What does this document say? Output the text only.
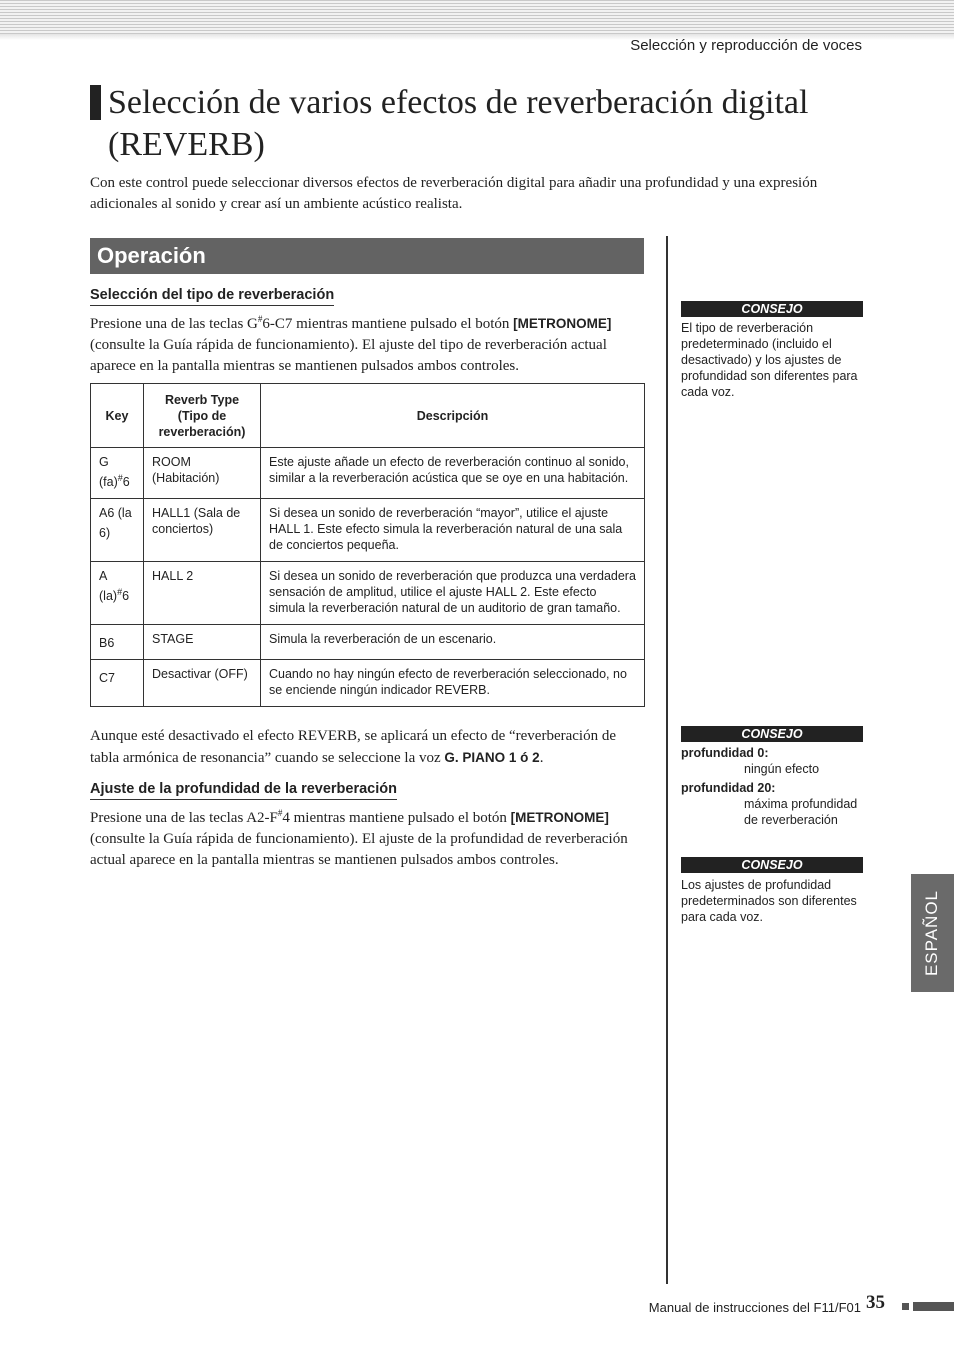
Selección y reproducción de voces
Selección de varios efectos de reverberación digital (REVERB)

Con este control puede seleccionar diversos efectos de reverberación digital para añadir una profundidad y una expresión adicionales al sonido y crear así un ambiente acústico realista.

Operación
Selección del tipo de reverberación

Presione una de las teclas G#6-C7 mientras mantiene pulsado el botón [METRONOME] (consulte la Guía rápida de funcionamiento). El ajuste del tipo de reverberación actual aparece en la pantalla mientras se mantienen pulsados ambos controles.

Key	Reverb Type (Tipo de reverberación)	Descripción
G (fa)#6	ROOM (Habitación)	Este ajuste añade un efecto de reverberación continuo al sonido, similar a la reverberación acústica que se oye en una habitación.
A6 (la 6)	HALL1 (Sala de conciertos)	Si desea un sonido de reverberación “mayor”, utilice el ajuste HALL 1. Este efecto simula la reverberación natural de una sala de conciertos pequeña.
A (la)#6	HALL 2	Si desea un sonido de reverberación que produzca una verdadera sensación de amplitud, utilice el ajuste HALL 2. Este efecto simula la reverberación natural de un auditorio de gran tamaño.
B6	STAGE	Simula la reverberación de un escenario.
C7	Desactivar (OFF)	Cuando no hay ningún efecto de reverberación seleccionado, no se enciende ningún indicador REVERB.

Aunque esté desactivado el efecto REVERB, se aplicará un efecto de “reverberación de tabla armónica de resonancia” cuando se seleccione la voz G. PIANO 1 ó 2.

Ajuste de la profundidad de la reverberación

Presione una de las teclas A2-F#4 mientras mantiene pulsado el botón [METRONOME] (consulte la Guía rápida de funcionamiento). El ajuste de la profundidad de reverberación actual aparece en la pantalla mientras se mantienen pulsados ambos controles.

CONSEJO

El tipo de reverberación predeterminado (incluido el desactivado) y los ajustes de profundidad son diferentes para cada voz.

CONSEJO
profundidad 0:
ningún efecto
profundidad 20:
máxima profundidad de reverberación
CONSEJO

Los ajustes de profundidad predeterminados son diferentes para cada voz.	ESPAÑOL
Manual de instrucciones del F11/F01 35
